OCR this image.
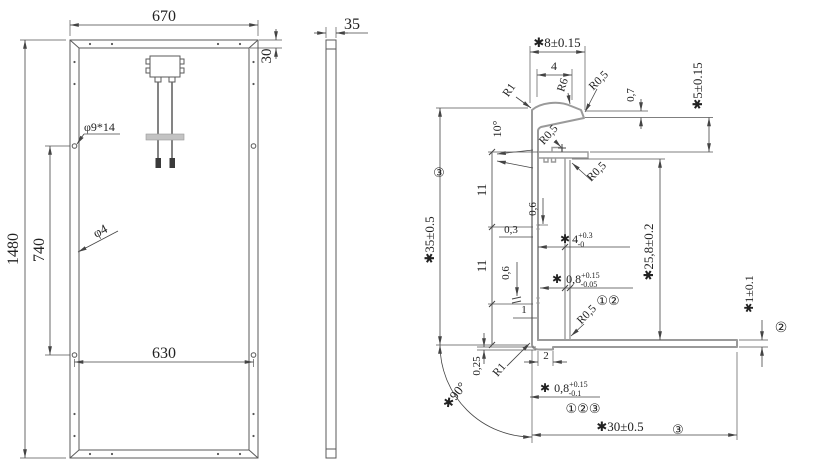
670
1480 740
630
30
φ9*14
φ4
35
✱8±0.15
4
R1	R6 R0,5
0,7	✱5±0.15
10°	R0,5
11
11
0,6
0,3
0,6
1
R0,5
R0,5
✱ $4^{+0.3}$ -0
✱ $0,8^{+0.15}$ -0.05
①②
✱25,8±0.2
2
0,25 R1
✱90°	✱ $0,8^{+0.15}$ -0.1
①②③
✱30±0.5 ③
✱35±0.5
③
✱1±0.1
②
